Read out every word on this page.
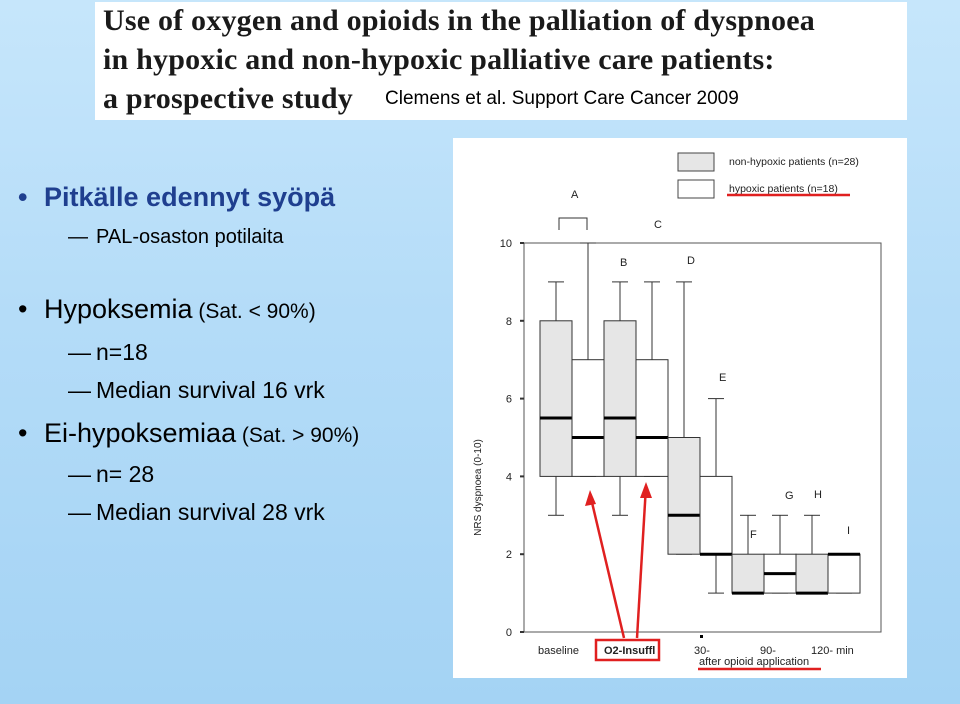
Use of oxygen and opioids in the palliation of dyspnoea
in hypoxic and non-hypoxic palliative care patients:
a prospective study Clemens et al. Support Care Cancer 2009
• Pitkälle edennyt syöpä
— PAL-osaston potilaita
• Hypoksemia (Sat. < 90%)
— n=18
— Median survival 16 vrk
• Ei-hypoksemiaa (Sat. > 90%)
— n= 28
— Median survival 28 vrk
0
2
4
6
8
10
NRS dyspnoea (0-10)
A
B
C
D
E
F
G H
I
baseline O2-Insuffl	30-	90-	120- min
after opioid application
non-hypoxic patients (n=28)
hypoxic patients (n=18)
